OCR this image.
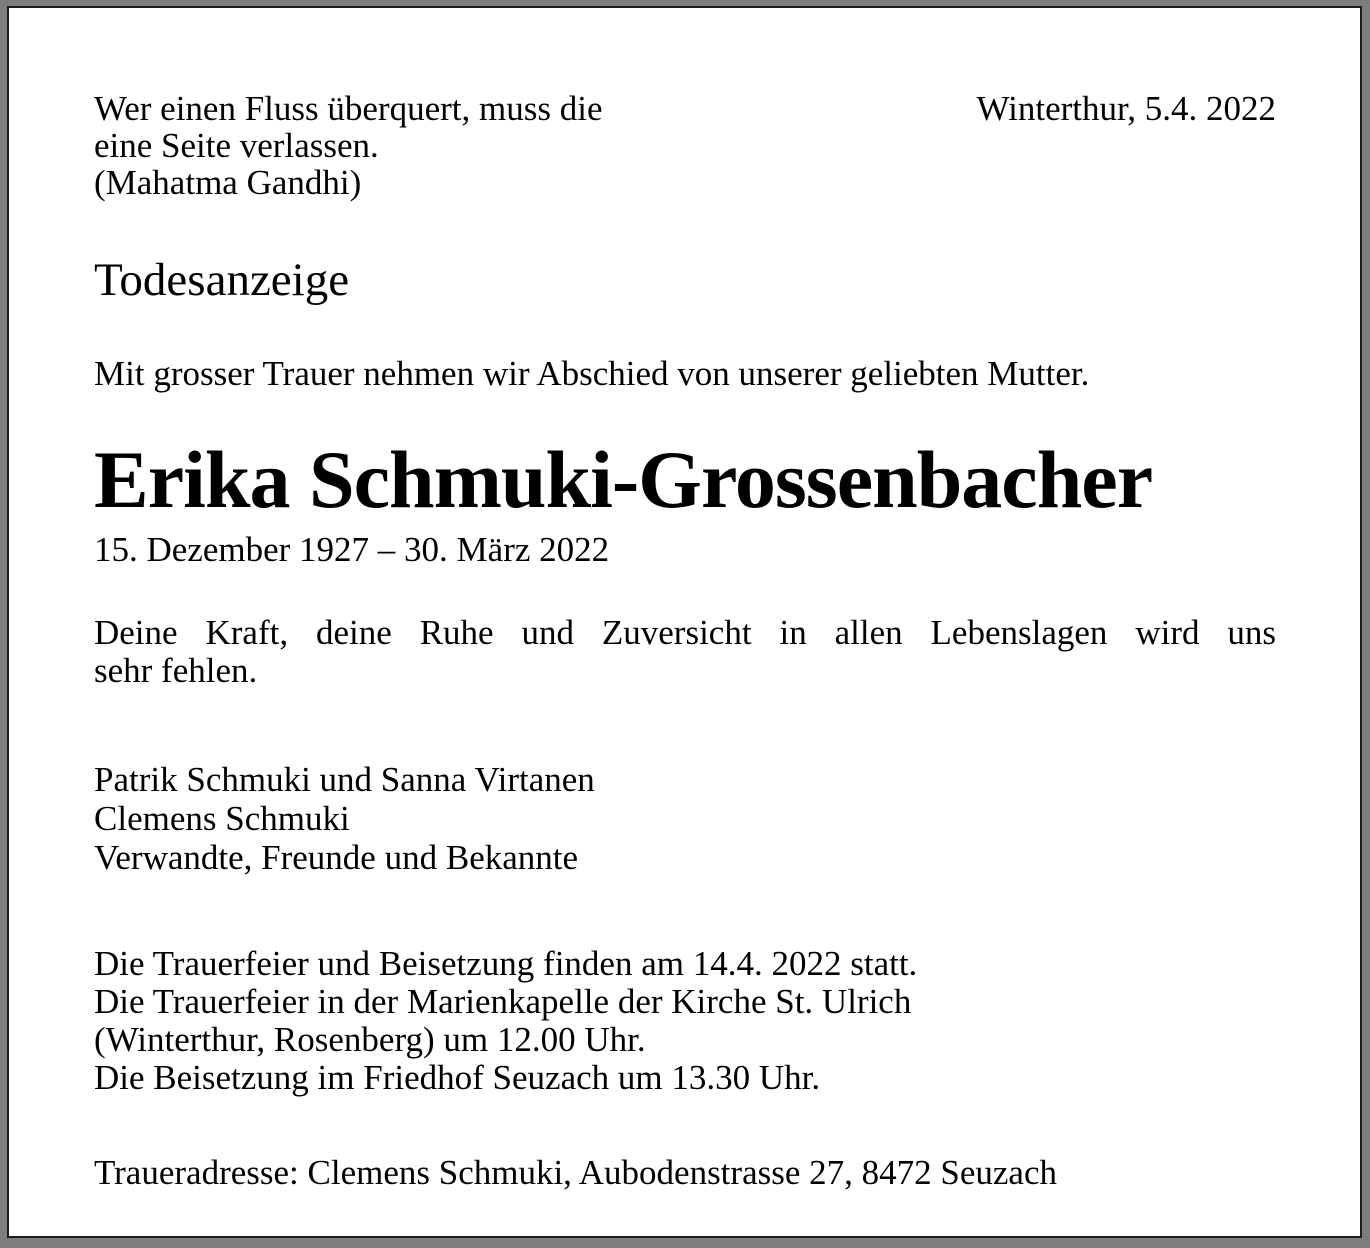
Wer einen Fluss überquert, muss die
eine Seite verlassen.
(Mahatma Gandhi)
Winterthur, 5.4. 2022
Todesanzeige

Mit grosser Trauer nehmen wir Abschied von unserer geliebten Mutter.

Erika Schmuki-Grossenbacher

15. Dezember 1927 – 30. März 2022

Deine Kraft, deine Ruhe und Zuversicht in allen Lebenslagen wird uns
sehr fehlen.
Patrik Schmuki und Sanna Virtanen
Clemens Schmuki
Verwandte, Freunde und Bekannte
Die Trauerfeier und Beisetzung finden am 14.4. 2022 statt.
Die Trauerfeier in der Marienkapelle der Kirche St. Ulrich
(Winterthur, Rosenberg) um 12.00 Uhr.
Die Beisetzung im Friedhof Seuzach um 13.30 Uhr.

Traueradresse: Clemens Schmuki, Aubodenstrasse 27, 8472 Seuzach
